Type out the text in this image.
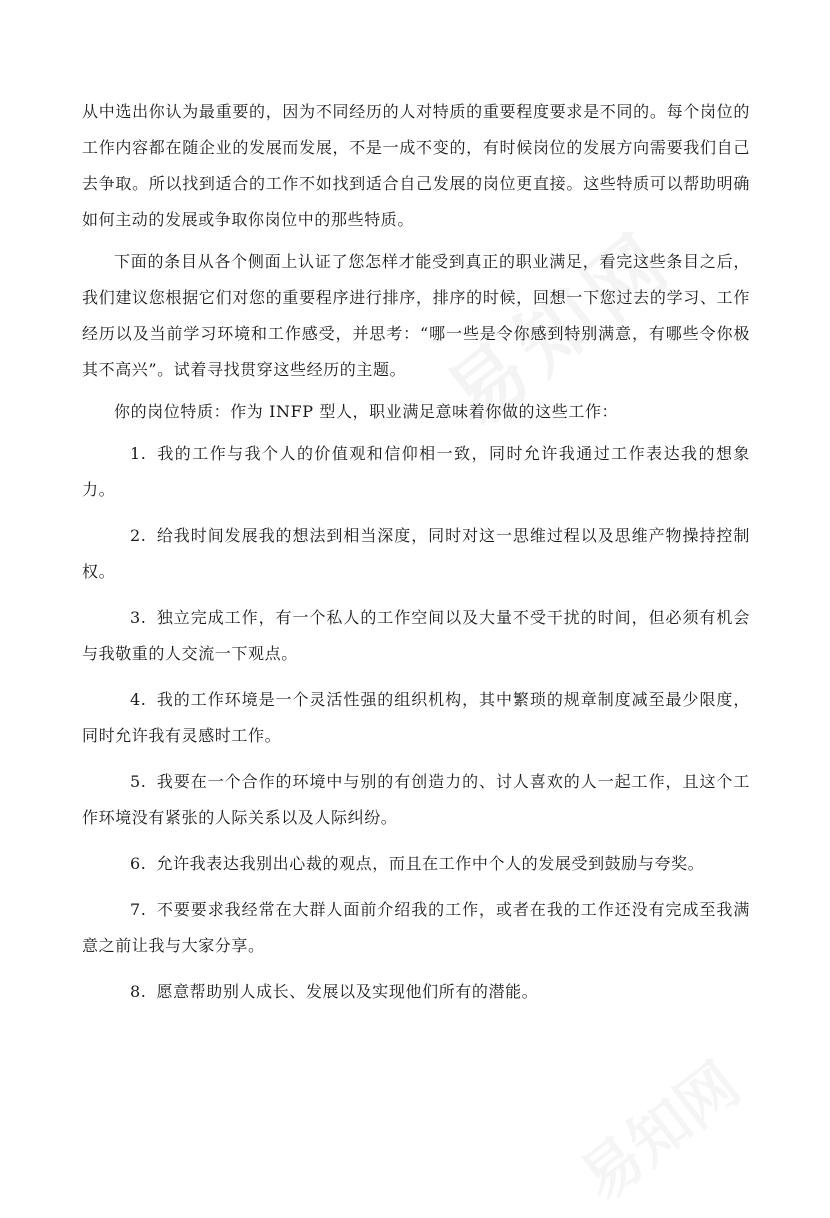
从中选出你认为最重要的，因为不同经历的人对特质的重要程度要求是不同的。每个岗位的工作内容都在随企业的发展而发展，不是一成不变的，有时候岗位的发展方向需要我们自己去争取。所以找到适合的工作不如找到适合自己发展的岗位更直接。这些特质可以帮助明确如何主动的发展或争取你岗位中的那些特质。

下面的条目从各个侧面上认证了您怎样才能受到真正的职业满足，看完这些条目之后，我们建议您根据它们对您的重要程序进行排序，排序的时候，回想一下您过去的学习、工作经历以及当前学习环境和工作感受，并思考：“哪一些是令你感到特别满意，有哪些令你极其不高兴”。试着寻找贯穿这些经历的主题。

你的岗位特质：作为 INFP 型人，职业满足意味着你做的这些工作：

1. 我的工作与我个人的价值观和信仰相一致，同时允许我通过工作表达我的想象力。

2. 给我时间发展我的想法到相当深度，同时对这一思维过程以及思维产物操持控制权。

3. 独立完成工作，有一个私人的工作空间以及大量不受干扰的时间，但必须有机会与我敬重的人交流一下观点。

4. 我的工作环境是一个灵活性强的组织机构，其中繁琐的规章制度减至最少限度，同时允许我有灵感时工作。

5. 我要在一个合作的环境中与别的有创造力的、讨人喜欢的人一起工作，且这个工作环境没有紧张的人际关系以及人际纠纷。

6. 允许我表达我别出心裁的观点，而且在工作中个人的发展受到鼓励与夸奖。

7. 不要要求我经常在大群人面前介绍我的工作，或者在我的工作还没有完成至我满意之前让我与大家分享。

8. 愿意帮助别人成长、发展以及实现他们所有的潜能。
